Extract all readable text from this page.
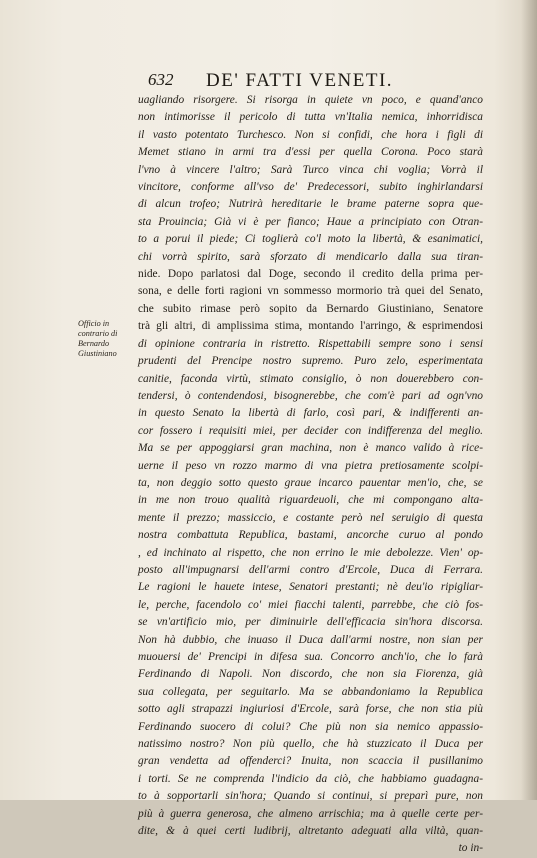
632 DE' FATTI VENETI.
Officio in
contrario di
Bernardo
Giustiniano
uagliando risorgere. Si risorga in quiete vn poco, e quand'anco
non intimorisse il pericolo di tutta vn'Italia nemica, inhorridisca
il vasto potentato Turchesco. Non si confidi, che hora i figli di
Memet stiano in armi tra d'essi per quella Corona. Poco starà
l'vno à vincere l'altro; Sarà Turco vinca chi voglia; Vorrà il
vincitore, conforme all'vso de' Predecessori, subito inghirlandarsi
di alcun trofeo; Nutrirà hereditarie le brame paterne sopra que-
sta Prouincia; Già vi è per fianco; Haue a principiato con Otran-
to a porui il piede; Ci toglierà co'l moto la libertà, & esanimatici,
chi vorrà spirito, sarà sforzato di mendicarlo dalla sua tiran-
nide. Dopo parlatosi dal Doge, secondo il credito della prima per-
sona, e delle forti ragioni vn sommesso mormorio trà quei del Senato,
che subito rimase però sopito da Bernardo Giustiniano, Senatore
trà gli altri, di amplissima stima, montando l'arringo, & esprimendosi
di opinione contraria in ristretto. Rispettabili sempre sono i sensi
prudenti del Prencipe nostro supremo. Puro zelo, esperimentata
canitie, faconda virtù, stimato consiglio, ò non douerebbero con-
tendersi, ò contendendosi, bisognerebbe, che com'è pari ad ogn'vno
in questo Senato la libertà di farlo, così pari, & indifferenti an-
cor fossero i requisiti miei, per decider con indifferenza del meglio.
Ma se per appoggiarsi gran machina, non è manco valido à rice-
uerne il peso vn rozzo marmo di vna pietra pretiosamente scolpi-
ta, non deggio sotto questo graue incarco pauentar men'io, che, se
in me non trouo qualità riguardeuoli, che mi compongano alta-
mente il prezzo; massiccio, e costante però nel seruigio di questa
nostra combattuta Republica, bastami, ancorche curuo al pondo
, ed inchinato al rispetto, che non errino le mie debolezze. Vien' op-
posto all'impugnarsi dell'armi contro d'Ercole, Duca di Ferrara.
Le ragioni le hauete intese, Senatori prestanti; nè deu'io ripigliar-
le, perche, facendolo co' miei fiacchi talenti, parrebbe, che ciò fos-
se vn'artificio mio, per diminuirle dell'efficacia sin'hora discorsa.
Non hà dubbio, che inuaso il Duca dall'armi nostre, non sian per
muouersi de' Prencipi in difesa sua. Concorro anch'io, che lo farà
Ferdinando di Napoli. Non discordo, che non sia Fiorenza, già
sua collegata, per seguitarlo. Ma se abbandoniamo la Republica
sotto agli strapazzi ingiuriosi d'Ercole, sarà forse, che non stia più
Ferdinando suocero di colui? Che più non sia nemico appassio-
natissimo nostro? Non più quello, che hà stuzzicato il Duca per
gran vendetta ad offenderci? Inuita, non scaccia il pusillanimo
i torti. Se ne comprenda l'indicio da ciò, che habbiamo guadagna-
to à sopportarli sin'hora; Quando si continui, si preparì pure, non
più à guerra generosa, che almeno arrischia; ma à quelle certe per-
dite, & à quei certi ludibrij, altretanto adeguati alla viltà, quan-
to in-
